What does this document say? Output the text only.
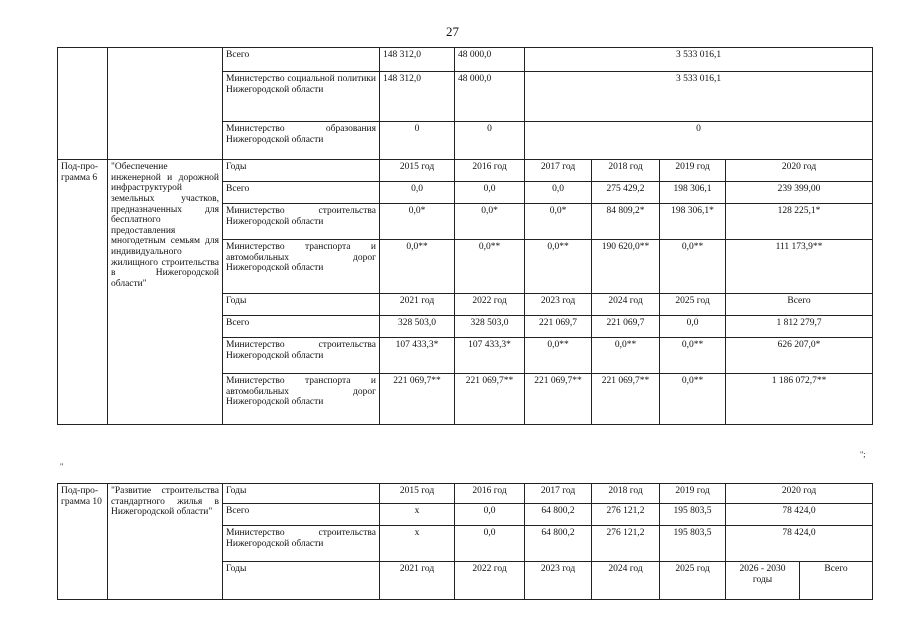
27
		Всего	148 312,0	48 000,0	3 533 016,1			
		Министерство социальной политики Нижегородской области	148 312,0	48 000,0	3 533 016,1			
		Министерство образования Нижегородской области	0	0	0			
Под-про-грамма 6	"Обеспечение инженерной и дорожной инфраструктурой земельных участков, предназначенных для бесплатного предоставления многодетным семьям для индивидуального жилищного строительства в Нижегородской области"	Годы	2015 год	2016 год	2017 год	2018 год	2019 год	2020 год
		Всего	0,0	0,0	0,0	275 429,2	198 306,1	239 399,00
		Министерство строительства Нижегородской области	0,0*	0,0*	0,0*	84 809,2*	198 306,1*	128 225,1*
		Министерство транспорта и автомобильных дорог Нижегородской области	0,0**	0,0**	0,0**	190 620,0**	0,0**	111 173,9**
		Годы	2021 год	2022 год	2023 год	2024 год	2025 год	Всего
		Всего	328 503,0	328 503,0	221 069,7	221 069,7	0,0	1 812 279,7
		Министерство строительства Нижегородской области	107 433,3*	107 433,3*	0,0**	0,0**	0,0**	626 207,0*
		Министерство транспорта и автомобильных дорог Нижегородской области	221 069,7**	221 069,7**	221 069,7**	221 069,7**	0,0**	1 186 072,7**
";
"
Под-про-грамма 10	"Развитие строительства стандартного жилья в Нижегородской области"	Годы	2015 год	2016 год	2017 год	2018 год	2019 год	2020 год	
		Всего	x	0,0	64 800,2	276 121,2	195 803,5	78 424,0	
		Министерство строительства Нижегородской области	x	0,0	64 800,2	276 121,2	195 803,5	78 424,0	
		Годы	2021 год	2022 год	2023 год	2024 год	2025 год	2026 - 2030 годы	Всего
